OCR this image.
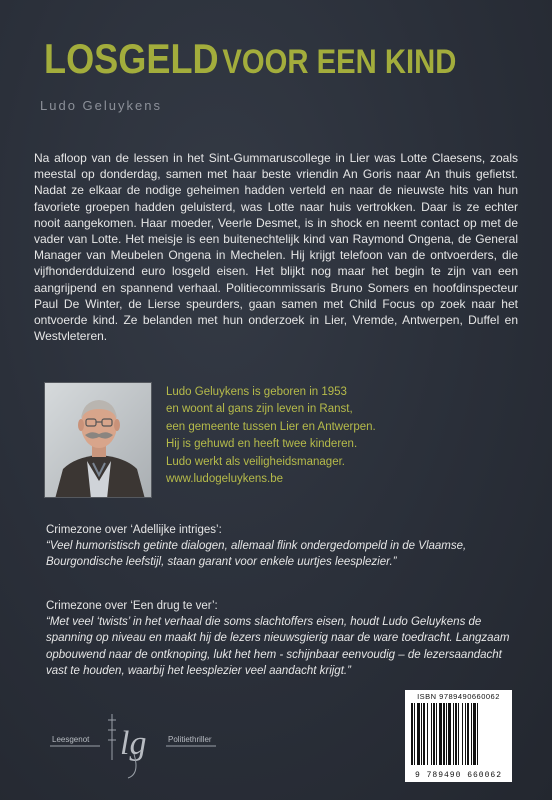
LOSGELD VOOR EEN KIND
Ludo Geluykens

Na afloop van de lessen in het Sint-Gummaruscollege in Lier was Lotte Claesens, zoals meestal op donderdag, samen met haar beste vriendin An Goris naar An thuis gefietst. Nadat ze elkaar de nodige geheimen hadden verteld en naar de nieuwste hits van hun favoriete groepen hadden geluisterd, was Lotte naar huis vertrokken. Daar is ze echter nooit aangekomen. Haar moeder, Veerle Desmet, is in shock en neemt contact op met de vader van Lotte. Het meisje is een buitenechtelijk kind van Raymond Ongena, de General Manager van Meubelen Ongena in Mechelen. Hij krijgt telefoon van de ontvoerders, die vijfhonderdduizend euro losgeld eisen. Het blijkt nog maar het begin te zijn van een aangrijpend en spannend verhaal. Politiecommissaris Bruno Somers en hoofdinspecteur Paul De Winter, de Lierse speurders, gaan samen met Child Focus op zoek naar het ontvoerde kind. Ze belanden met hun onderzoek in Lier, Vremde, Antwerpen, Duffel en Westvleteren.

Ludo Geluykens is geboren in 1953
en woont al gans zijn leven in Ranst,
een gemeente tussen Lier en Antwerpen.
Hij is gehuwd en heeft twee kinderen.
Ludo werkt als veiligheidsmanager.
www.ludogeluykens.be
Crimezone over ‘Adellijke intriges’:
“Veel humoristisch getinte dialogen, allemaal flink ondergedompeld in de Vlaamse, Bourgondische leefstijl, staan garant voor enkele uurtjes leesplezier.”
Crimezone over ‘Een drug te ver’:
“Met veel ‘twists’ in het verhaal die soms slachtoffers eisen, houdt Ludo Geluykens de spanning op niveau en maakt hij de lezers nieuwsgierig naar de ware toedracht. Langzaam opbouwend naar de ontknoping, lukt het hem - schijnbaar eenvoudig – de lezersaandacht vast te houden, waarbij het leesplezier veel aandacht krijgt.”
Leesgenot	Politiethriller
lg
ISBN 9789490660062
9 789490 660062
